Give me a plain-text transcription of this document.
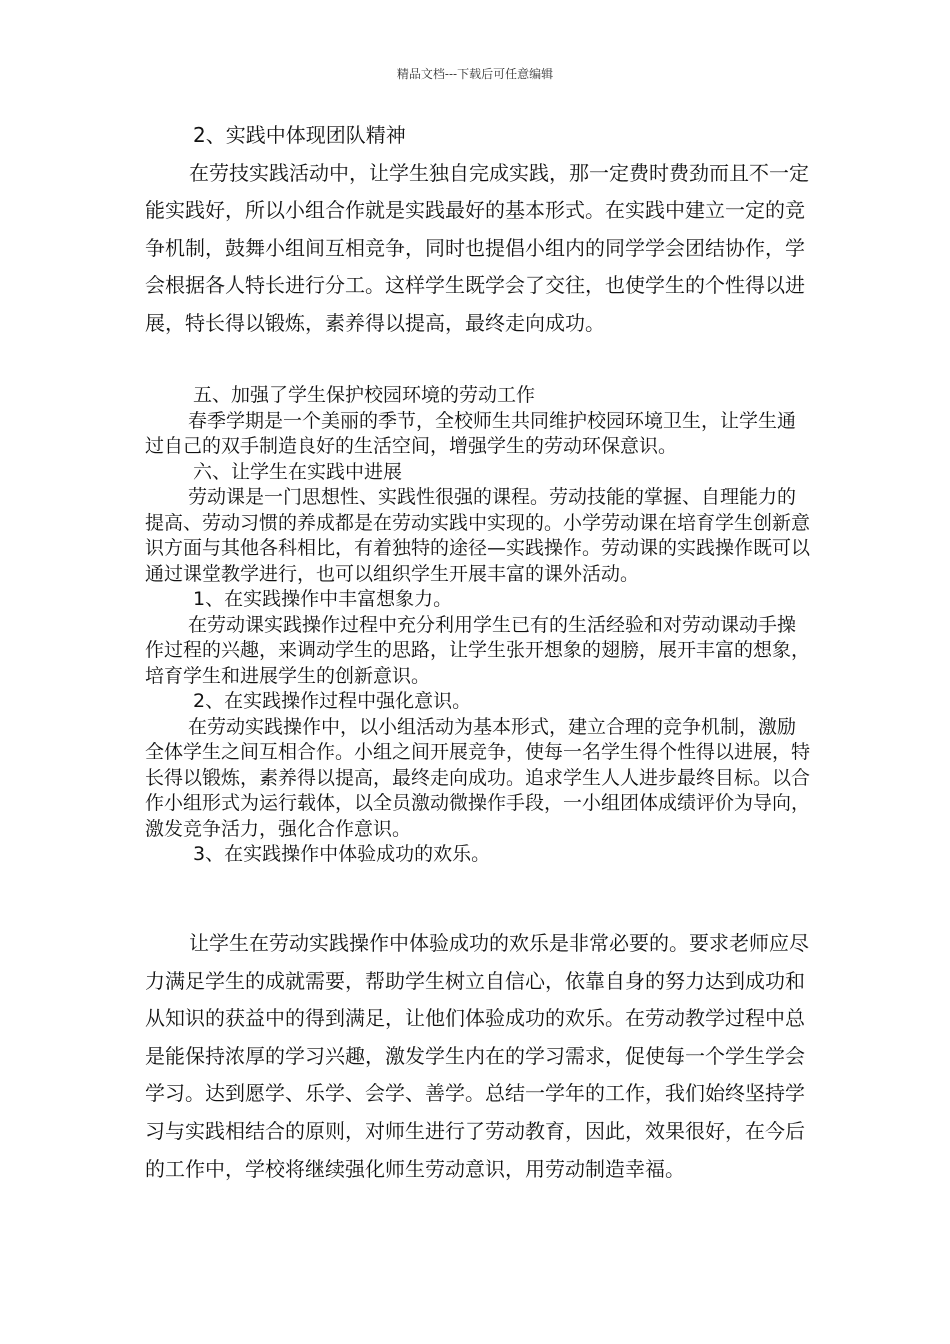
精品文档---下载后可任意编辑

2、实践中体现团队精神

在劳技实践活动中，让学生独自完成实践，那一定费时费劲而且不一定能实践好，所以小组合作就是实践最好的基本形式。在实践中建立一定的竞争机制，鼓舞小组间互相竞争，同时也提倡小组内的同学学会团结协作，学会根据各人特长进行分工。这样学生既学会了交往，也使学生的个性得以进展，特长得以锻炼，素养得以提高，最终走向成功。

五、加强了学生保护校园环境的劳动工作

春季学期是一个美丽的季节，全校师生共同维护校园环境卫生，让学生通过自己的双手制造良好的生活空间，增强学生的劳动环保意识。

六、让学生在实践中进展

劳动课是一门思想性、实践性很强的课程。劳动技能的掌握、自理能力的提高、劳动习惯的养成都是在劳动实践中实现的。小学劳动课在培育学生创新意识方面与其他各科相比，有着独特的途径—实践操作。劳动课的实践操作既可以通过课堂教学进行，也可以组织学生开展丰富的课外活动。

1、在实践操作中丰富想象力。

在劳动课实践操作过程中充分利用学生已有的生活经验和对劳动课动手操作过程的兴趣，来调动学生的思路，让学生张开想象的翅膀，展开丰富的想象，培育学生和进展学生的创新意识。

2、在实践操作过程中强化意识。

在劳动实践操作中，以小组活动为基本形式，建立合理的竞争机制，激励全体学生之间互相合作。小组之间开展竞争，使每一名学生得个性得以进展，特长得以锻炼，素养得以提高，最终走向成功。追求学生人人进步最终目标。以合作小组形式为运行载体，以全员激动微操作手段，一小组团体成绩评价为导向，激发竞争活力，强化合作意识。

3、在实践操作中体验成功的欢乐。

让学生在劳动实践操作中体验成功的欢乐是非常必要的。要求老师应尽力满足学生的成就需要，帮助学生树立自信心，依靠自身的努力达到成功和从知识的获益中的得到满足，让他们体验成功的欢乐。在劳动教学过程中总是能保持浓厚的学习兴趣，激发学生内在的学习需求，促使每一个学生学会学习。达到愿学、乐学、会学、善学。总结一学年的工作，我们始终坚持学习与实践相结合的原则，对师生进行了劳动教育，因此，效果很好，在今后的工作中，学校将继续强化师生劳动意识，用劳动制造幸福。
